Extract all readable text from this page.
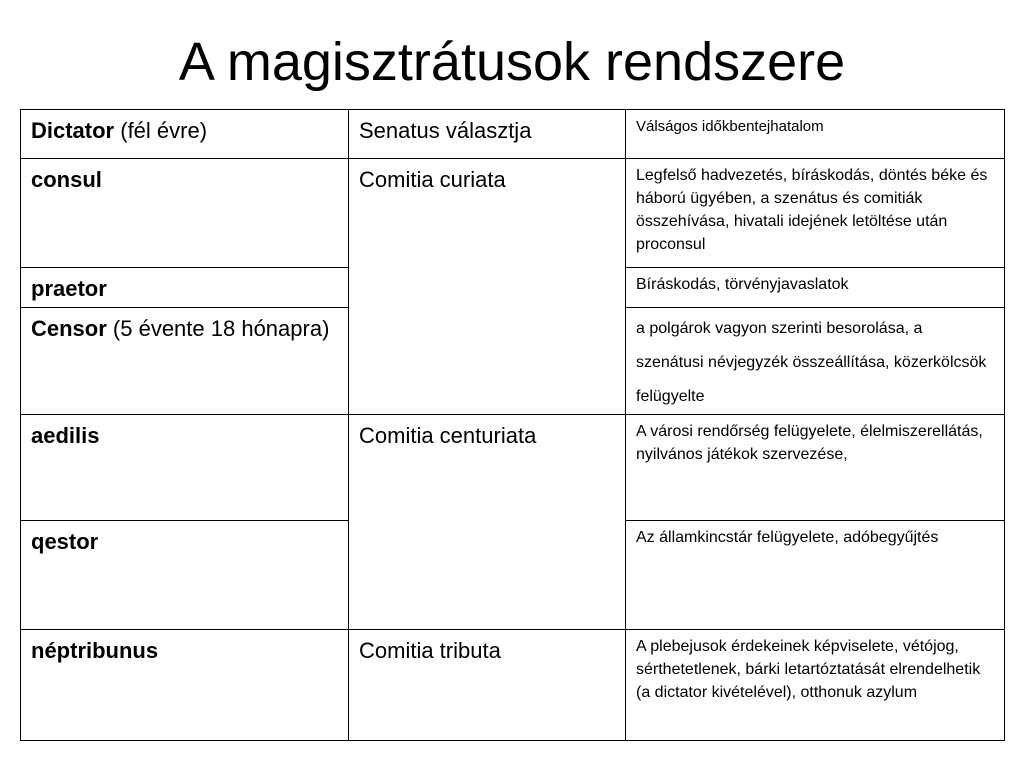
A magisztrátusok rendszere
Dictator (fél évre)	Senatus választja	Válságos időkbentejhatalom
consul	Comitia curiata	Legfelső hadvezetés, bíráskodás, döntés béke és háború ügyében, a szenátus és comitiák összehívása, hivatali idejének letöltése után proconsul
praetor		Bíráskodás, törvényjavaslatok
Censor (5 évente 18 hónapra)		a polgárok vagyon szerinti besorolása, a szenátusi névjegyzék összeállítása, közerkölcsök felügyelte
aedilis	Comitia centuriata	A városi rendőrség felügyelete, élelmiszerellátás, nyilvános játékok szervezése,
qestor		Az államkincstár felügyelete, adóbegyűjtés
néptribunus	Comitia tributa	A plebejusok érdekeinek képviselete, vétójog, sérthetetlenek, bárki letartóztatását elrendelhetik (a dictator kivételével), otthonuk azylum
